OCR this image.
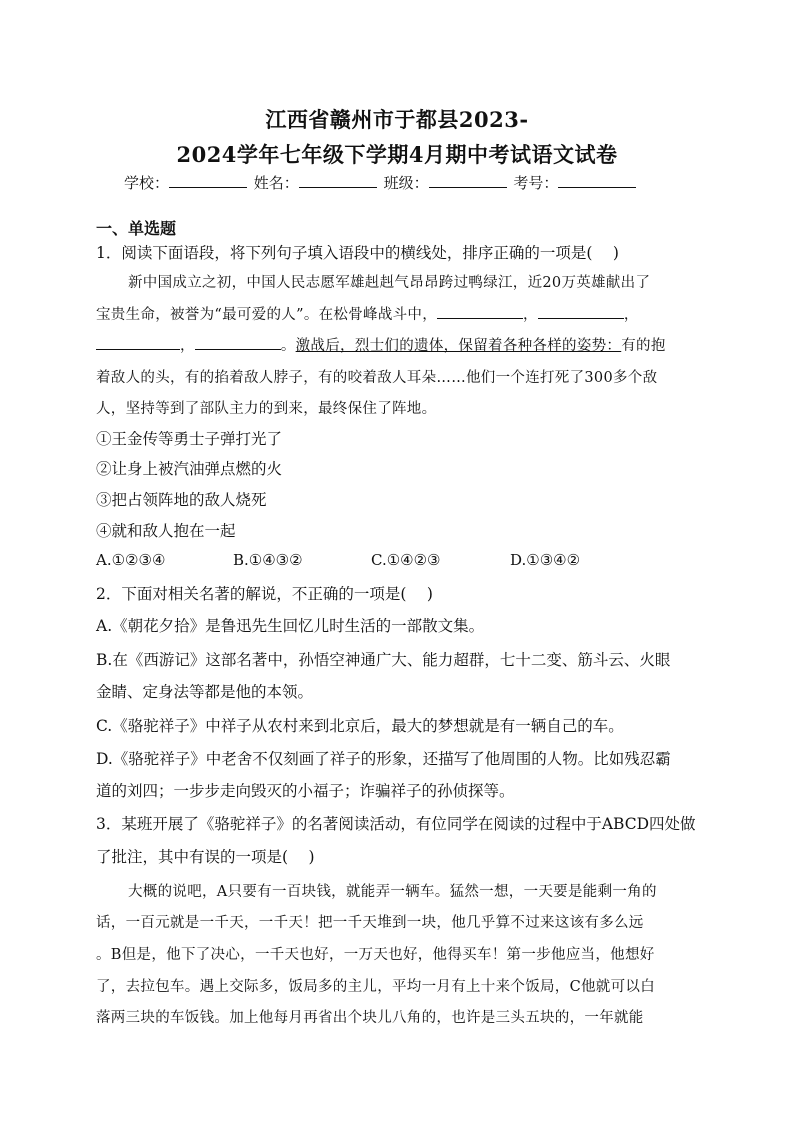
江西省赣州市于都县2023-
2024学年七年级下学期4月期中考试语文试卷
学校：	姓名：	班级：	考号：
一、单选题
1．阅读下面语段，将下列句子填入语段中的横线处，排序正确的一项是(　 )
新中国成立之初，中国人民志愿军雄赳赳气昂昂跨过鸭绿江，近20万英雄献出了
宝贵生命，被誉为“最可爱的人”。在松骨峰战斗中，	，	，
，	。激战后，烈士们的遗体，保留着各种各样的姿势：有的抱
着敌人的头，有的掐着敌人脖子，有的咬着敌人耳朵……他们一个连打死了300多个敌
人，坚持等到了部队主力的到来，最终保住了阵地。
①王金传等勇士子弹打光了
②让身上被汽油弹点燃的火
③把占领阵地的敌人烧死
④就和敌人抱在一起
A.①②③④	B.①④③②	C.①④②③	D.①③④②
2．下面对相关名著的解说，不正确的一项是(　 )
A.《朝花夕拾》是鲁迅先生回忆儿时生活的一部散文集。
B.在《西游记》这部名著中，孙悟空神通广大、能力超群，七十二变、筋斗云、火眼
金睛、定身法等都是他的本领。
C.《骆驼祥子》中祥子从农村来到北京后，最大的梦想就是有一辆自己的车。
D.《骆驼祥子》中老舍不仅刻画了祥子的形象，还描写了他周围的人物。比如残忍霸
道的刘四；一步步走向毁灭的小福子；诈骗祥子的孙侦探等。
3．某班开展了《骆驼祥子》的名著阅读活动，有位同学在阅读的过程中于ABCD四处做
了批注，其中有误的一项是(　 )
大概的说吧，A只要有一百块钱，就能弄一辆车。猛然一想，一天要是能剩一角的
话，一百元就是一千天，一千天！把一千天堆到一块，他几乎算不过来这该有多么远
。B但是，他下了决心，一千天也好，一万天也好，他得买车！第一步他应当，他想好
了，去拉包车。遇上交际多，饭局多的主儿，平均一月有上十来个饭局，C他就可以白
落两三块的车饭钱。加上他每月再省出个块儿八角的，也许是三头五块的，一年就能
